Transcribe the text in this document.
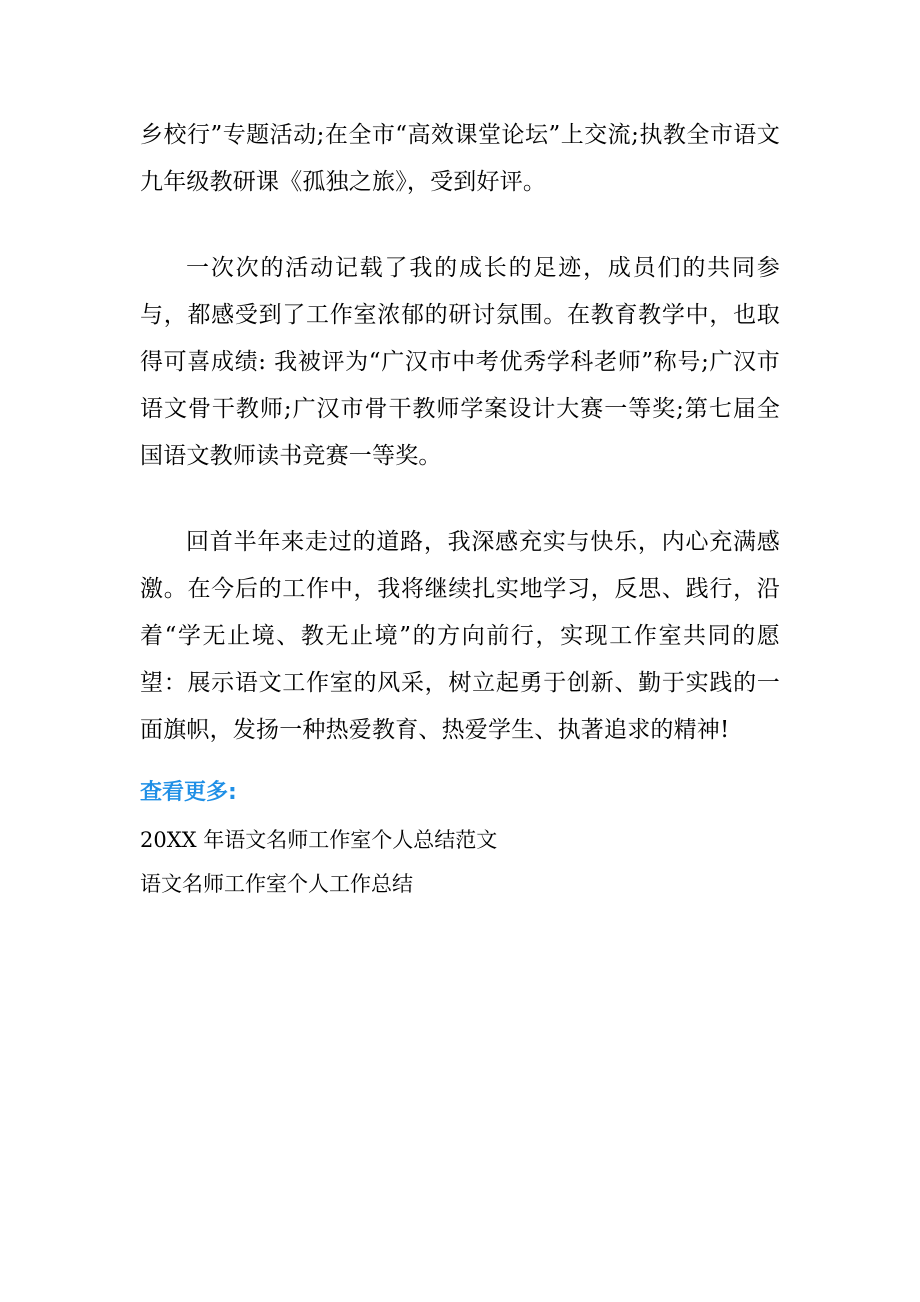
乡校行”专题活动;在全市“高效课堂论坛”上交流;执教全市语文九年级教研课《孤独之旅》，受到好评。

一次次的活动记载了我的成长的足迹，成员们的共同参与，都感受到了工作室浓郁的研讨氛围。在教育教学中，也取得可喜成绩: 我被评为“广汉市中考优秀学科老师”称号;广汉市语文骨干教师;广汉市骨干教师学案设计大赛一等奖;第七届全国语文教师读书竞赛一等奖。

回首半年来走过的道路，我深感充实与快乐，内心充满感激。在今后的工作中，我将继续扎实地学习，反思、践行，沿着“学无止境、教无止境”的方向前行，实现工作室共同的愿望：展示语文工作室的风采，树立起勇于创新、勤于实践的一面旗帜，发扬一种热爱教育、热爱学生、执著追求的精神!

查看更多:

20XX 年语文名师工作室个人总结范文
语文名师工作室个人工作总结
